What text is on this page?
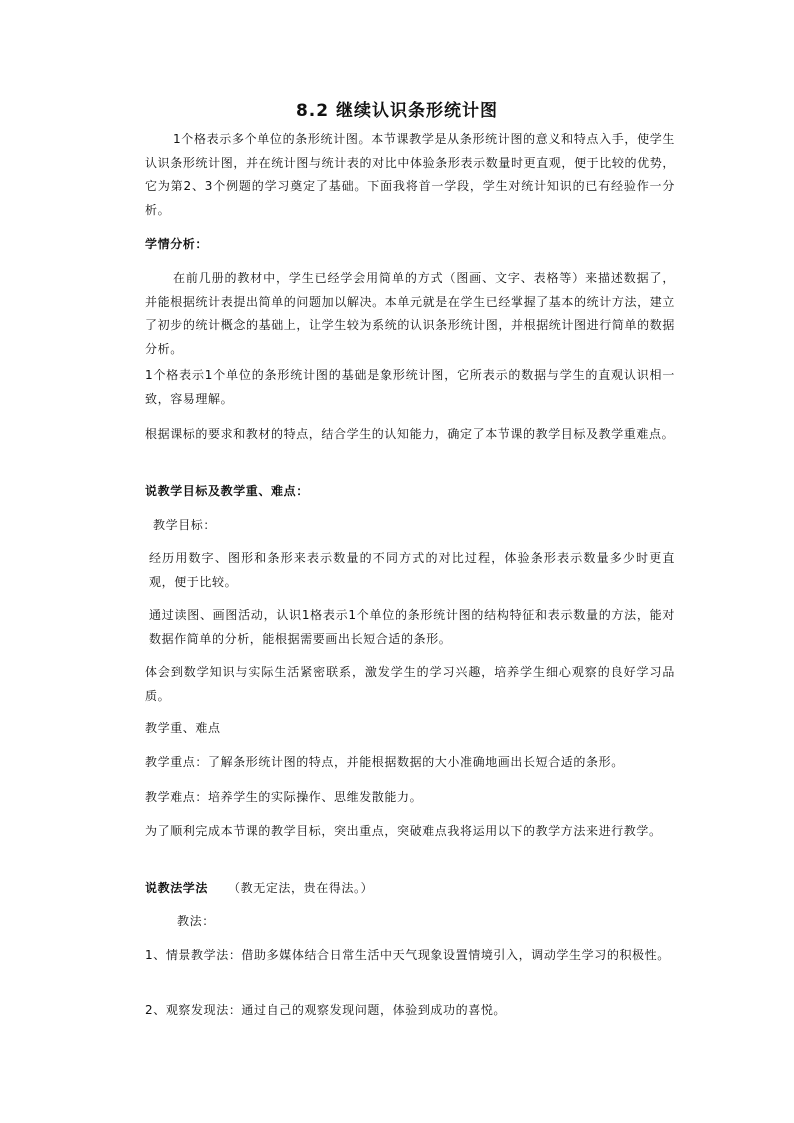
8.2 继续认识条形统计图

1个格表示多个单位的条形统计图。本节课教学是从条形统计图的意义和特点入手，使学生认识条形统计图，并在统计图与统计表的对比中体验条形表示数量时更直观，便于比较的优势，它为第2、3个例题的学习奠定了基础。下面我将首一学段，学生对统计知识的已有经验作一分析。

学情分析：

在前几册的教材中，学生已经学会用简单的方式（图画、文字、表格等）来描述数据了，并能根据统计表提出简单的问题加以解决。本单元就是在学生已经掌握了基本的统计方法，建立了初步的统计概念的基础上，让学生较为系统的认识条形统计图，并根据统计图进行简单的数据分析。

1个格表示1个单位的条形统计图的基础是象形统计图，它所表示的数据与学生的直观认识相一致，容易理解。

根据课标的要求和教材的特点，结合学生的认知能力，确定了本节课的教学目标及教学重难点。

说教学目标及教学重、难点：

教学目标：

经历用数字、图形和条形来表示数量的不同方式的对比过程，体验条形表示数量多少时更直观，便于比较。

通过读图、画图活动，认识1格表示1个单位的条形统计图的结构特征和表示数量的方法，能对数据作简单的分析，能根据需要画出长短合适的条形。

体会到数学知识与实际生活紧密联系，激发学生的学习兴趣，培养学生细心观察的良好学习品质。

教学重、难点

教学重点：了解条形统计图的特点，并能根据数据的大小准确地画出长短合适的条形。

教学难点：培养学生的实际操作、思维发散能力。

为了顺利完成本节课的教学目标，突出重点，突破难点我将运用以下的教学方法来进行教学。

说教法学法 （教无定法，贵在得法。）

教法：

1、情景教学法：借助多媒体结合日常生活中天气现象设置情境引入，调动学生学习的积极性。

2、观察发现法：通过自己的观察发现问题，体验到成功的喜悦。
